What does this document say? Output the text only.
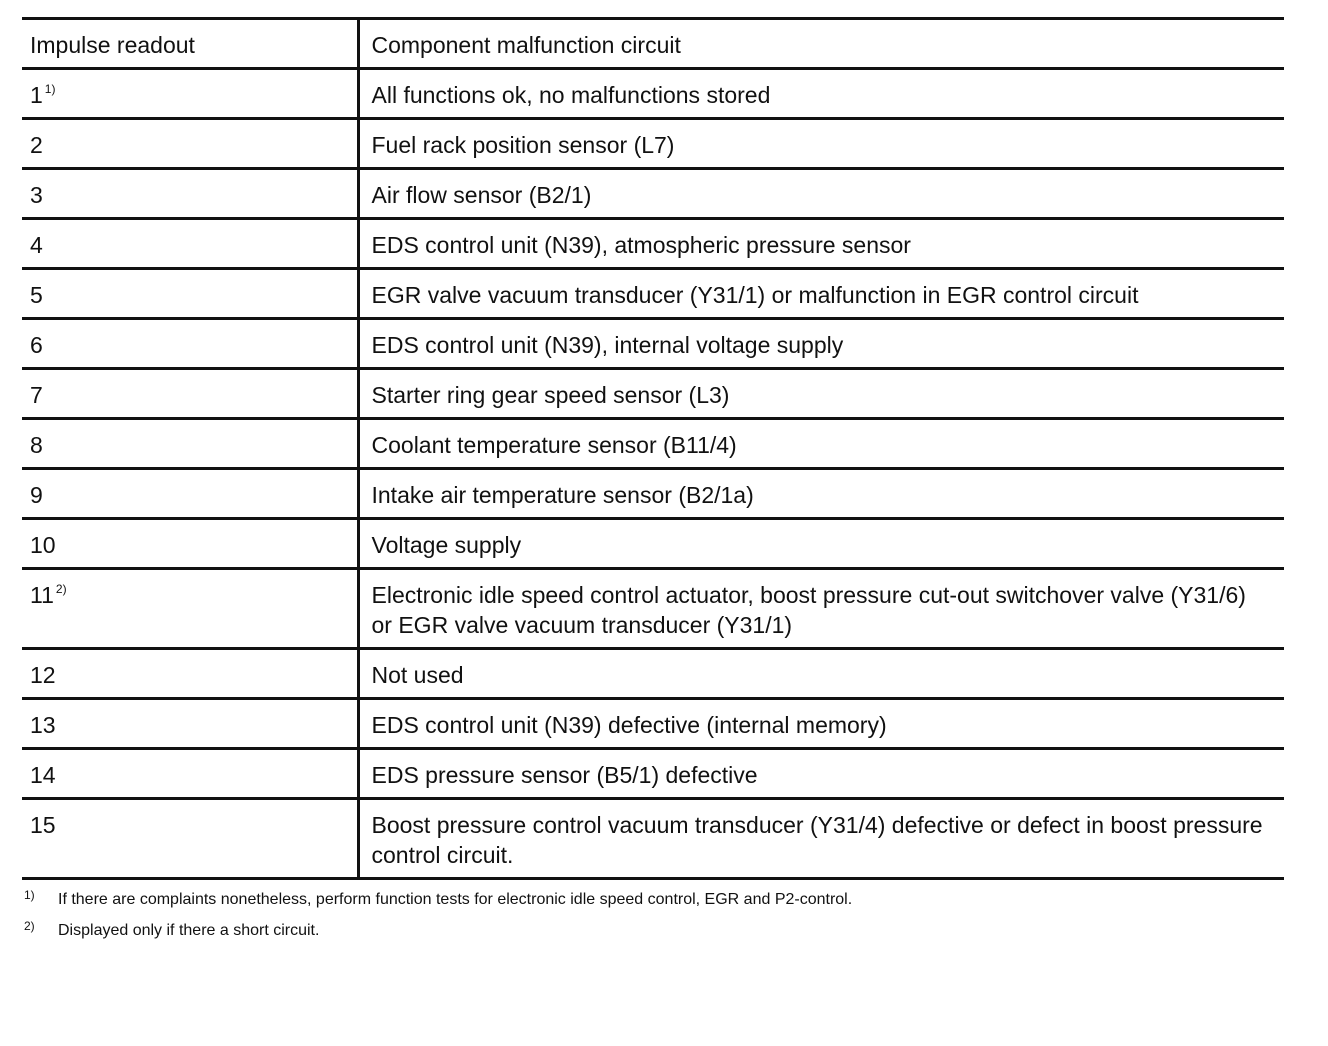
Impulse readout	Component malfunction circuit
1 $^{1)}$	All functions ok, no malfunctions stored
2	Fuel rack position sensor (L7)
3	Air flow sensor (B2/1)
4	EDS control unit (N39), atmospheric pressure sensor
5	EGR valve vacuum transducer (Y31/1) or malfunction in EGR control circuit
6	EDS control unit (N39), internal voltage supply
7	Starter ring gear speed sensor (L3)
8	Coolant temperature sensor (B11/4)
9	Intake air temperature sensor (B2/1a)
10	Voltage supply
11 $^{2)}$	Electronic idle speed control actuator, boost pressure cut-out switchover valve (Y31/6) or EGR valve vacuum transducer (Y31/1)
12	Not used
13	EDS control unit (N39) defective (internal memory)
14	EDS pressure sensor (B5/1) defective
15	Boost pressure control vacuum transducer (Y31/4) defective or defect in boost pressure control circuit.
1) If there are complaints nonetheless, perform function tests for electronic idle speed control, EGR and P2-control.
2) Displayed only if there a short circuit.
